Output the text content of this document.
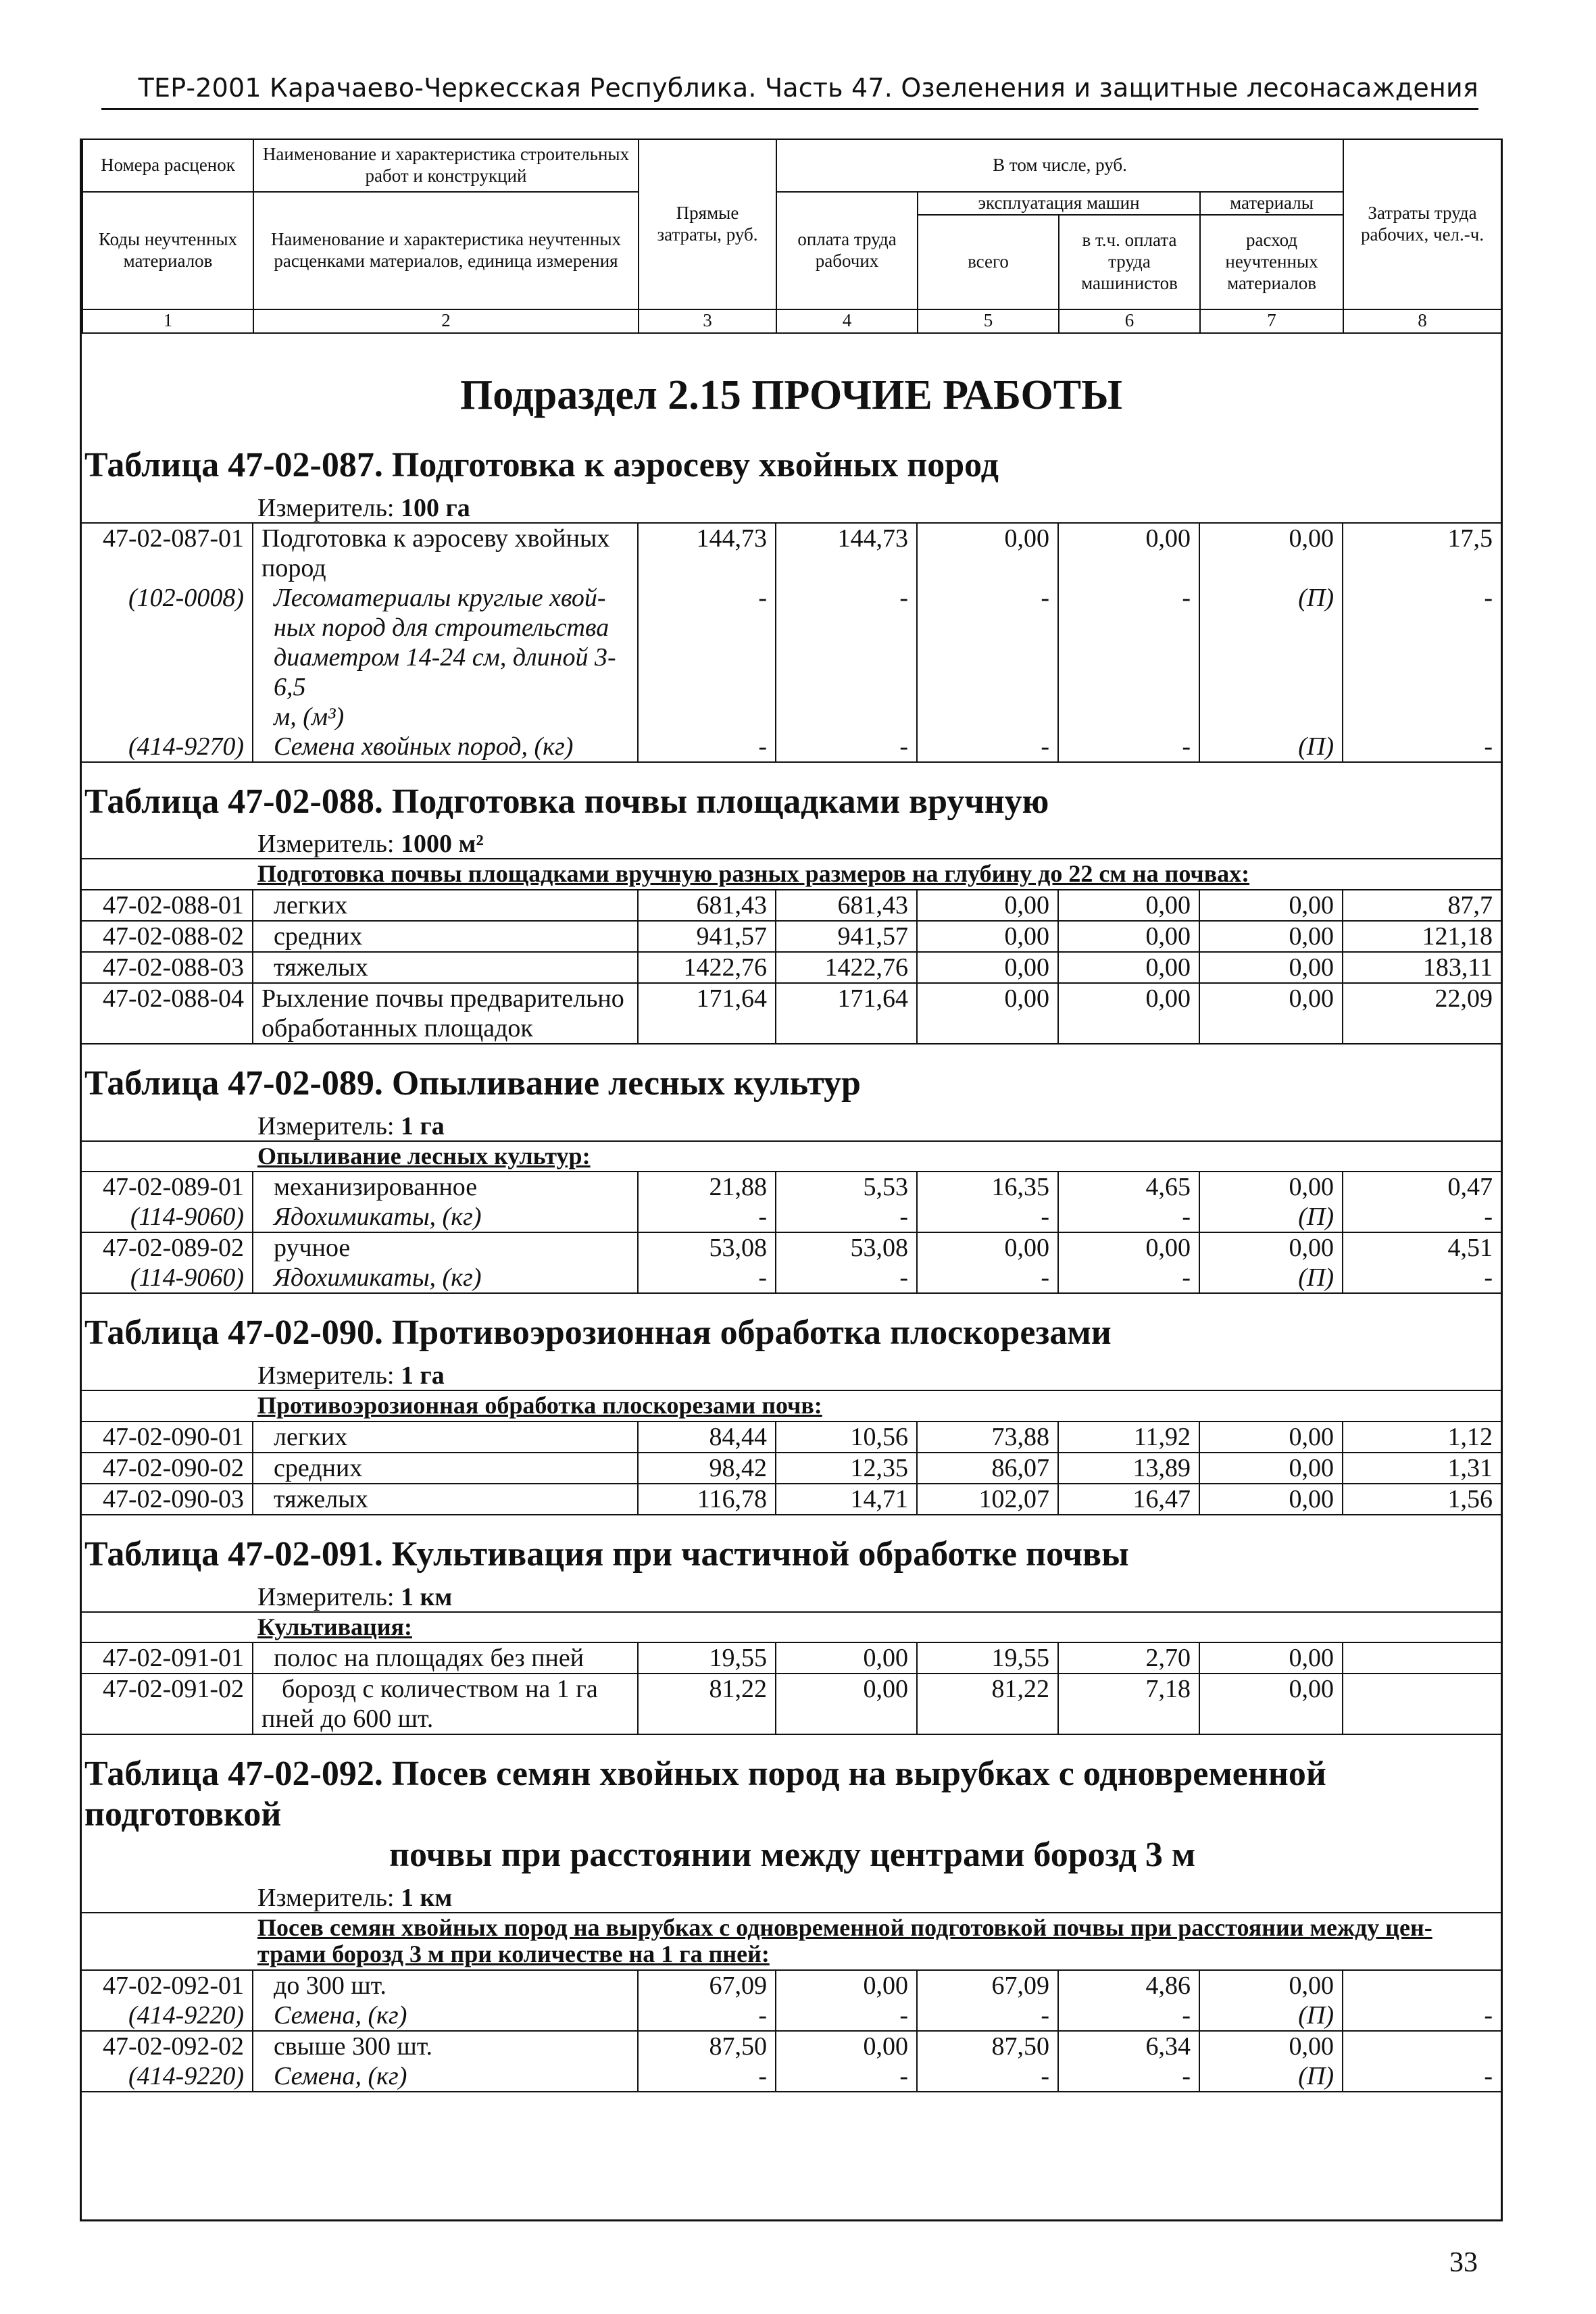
ТЕР-2001 Карачаево-Черкесская Республика. Часть 47. Озеленения и защитные лесонасаждения
Номера расценок	Наименование и характеристика строительных работ и конструкций	Прямые затраты, руб.	В том числе, руб.				Затраты труда рабочих, чел.-ч.
Коды неучтенных материалов	Наименование и характеристика неучтенных расценками материалов, единица измерения		оплата труда рабочих	эксплуатация машин		материалы	
				всего	в т.ч. оплата труда машинистов	расход неучтенных материалов	
1	2	3	4	5	6	7	8
Подраздел 2.15 ПРОЧИЕ РАБОТЫ
Таблица 47-02-087. Подготовка к аэросеву хвойных пород
Измеритель: 100 га
47-02-087-01	Подготовка к аэросеву хвойных
пород	144,73	144,73	0,00	0,00	0,00	17,5
(102-0008)	Лесоматериалы круглые хвой-
ных пород для строительства
диаметром 14-24 см, длиной 3-6,5
м, (м³)	-	-	-	-	(П)	-
(414-9270)	Семена хвойных пород, (кг)	-	-	-	-	(П)	-
Таблица 47-02-088. Подготовка почвы площадками вручную
Измеритель: 1000 м²
Подготовка почвы площадками вручную разных размеров на глубину до 22 см на почвах:
47-02-088-01	легких	681,43	681,43	0,00	0,00	0,00	87,7
47-02-088-02	средних	941,57	941,57	0,00	0,00	0,00	121,18
47-02-088-03	тяжелых	1422,76	1422,76	0,00	0,00	0,00	183,11
47-02-088-04	Рыхление почвы предварительно
обработанных площадок	171,64	171,64	0,00	0,00	0,00	22,09
Таблица 47-02-089. Опыливание лесных культур
Измеритель: 1 га
Опыливание лесных культур:
47-02-089-01	механизированное	21,88	5,53	16,35	4,65	0,00	0,47
(114-9060)	Ядохимикаты, (кг)	-	-	-	-	(П)	-
47-02-089-02	ручное	53,08	53,08	0,00	0,00	0,00	4,51
(114-9060)	Ядохимикаты, (кг)	-	-	-	-	(П)	-
Таблица 47-02-090. Противоэрозионная обработка плоскорезами
Измеритель: 1 га
Противоэрозионная обработка плоскорезами почв:
47-02-090-01	легких	84,44	10,56	73,88	11,92	0,00	1,12
47-02-090-02	средних	98,42	12,35	86,07	13,89	0,00	1,31
47-02-090-03	тяжелых	116,78	14,71	102,07	16,47	0,00	1,56
Таблица 47-02-091. Культивация при частичной обработке почвы
Измеритель: 1 км
Культивация:
47-02-091-01	полос на площадях без пней	19,55	0,00	19,55	2,70	0,00	
47-02-091-02	борозд с количеством на 1 га
пней до 600 шт.	81,22	0,00	81,22	7,18	0,00	
Таблица 47-02-092. Посев семян хвойных пород на вырубках с одновременной подготовкой
почвы при расстоянии между центрами борозд 3 м
Измеритель: 1 км
Посев семян хвойных пород на вырубках с одновременной подготовкой почвы при расстоянии между цен-
трами борозд 3 м при количестве на 1 га пней:
47-02-092-01	до 300 шт.	67,09	0,00	67,09	4,86	0,00	
(414-9220)	Семена, (кг)	-	-	-	-	(П)	-
47-02-092-02	свыше 300 шт.	87,50	0,00	87,50	6,34	0,00	
(414-9220)	Семена, (кг)	-	-	-	-	(П)	-
33
